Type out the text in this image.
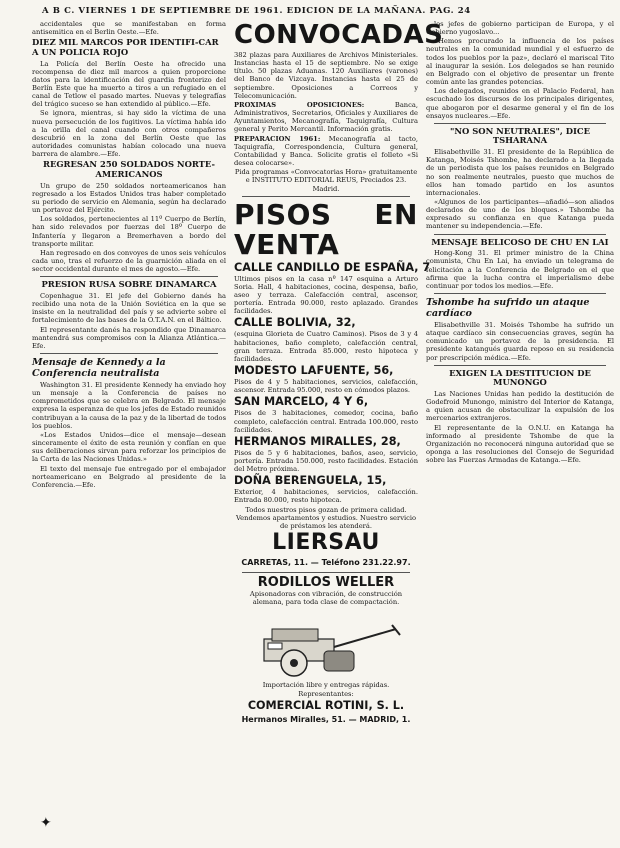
A B C. VIERNES 1 DE SEPTIEMBRE DE 1961. EDICION DE LA MAÑANA. PAG. 24

accidentales que se manifestaban en forma antisemitica en el Berlin Oeste.—Efe.

DIEZ MIL MARCOS POR IDENTIFI-CAR A UN POLICIA ROJO

La Policía del Berlín Oeste ha ofrecido una recompensa de diez mil marcos a quien proporcione datos para la identificación del guardia fronterizo del Berlín Este que ha muerto a tiros a un refugiado en el canal de Tetlow el pasado martes. Nuevas y telegrafías del trágico suceso se han extendido al público.—Efe.

Se ignora, mientras, si hay sido la víctima de una nueva persecución de los fugitivos. La víctima había ido a la orilla del canal cuando con otros compañeros descubrió en la zona del Berlín Oeste que las autoridades comunistas habían colocado una nueva barrera de alambre.—Efe.

REGRESAN 250 SOLDADOS NORTE-AMERICANOS

Un grupo de 250 soldados norteamericanos han regresado a los Estados Unidos tras haber completado su periodo de servicio en Alemania, según ha declarado un portavoz del Ejército.

Los soldados, pertenecientes al 11º Cuerpo de Berlín, han sido relevados por fuerzas del 18º Cuerpo de Infantería y llegaron a Bremerhaven a bordo del transporte militar.

Han regresado en dos convoyes de unos seis vehículos cada uno, tras el refuerzo de la guarnición aliada en el sector occidental durante el mes de agosto.—Efe.

PRESION RUSA SOBRE DINAMARCA

Copenhague 31. El jefe del Gobierno danés ha recibido una nota de la Unión Soviética en la que se insiste en la neutralidad del país y se advierte sobre el fortalecimiento de las bases de la O.T.A.N. en el Báltico.

El representante danés ha respondido que Dinamarca mantendrá sus compromisos con la Alianza Atlántica.—Efe.

Mensaje de Kennedy a la Conferencia neutralista

Washington 31. El presidente Kennedy ha enviado hoy un mensaje a la Conferencia de países no comprometidos que se celebra en Belgrado. El mensaje expresa la esperanza de que los jefes de Estado reunidos contribuyan a la causa de la paz y de la libertad de todos los pueblos.

«Los Estados Unidos—dice el mensaje—desean sinceramente el éxito de esta reunión y confían en que sus deliberaciones sirvan para reforzar los principios de la Carta de las Naciones Unidas.»

El texto del mensaje fue entregado por el embajador norteamericano en Belgrado al presidente de la Conferencia.—Efe.

CONVOCADAS

382 plazas para Auxiliares de Archivos Ministeriales. Instancias hasta el 15 de septiembre. No se exige título. 50 plazas Aduanas. 120 Auxiliares (varones) del Banco de Vizcaya. Instancias hasta el 25 de septiembre. Oposiciones a Correos y Telecomunicación.

PROXIMAS OPOSICIONES:	Banca, Administrativos, Secretarios, Oficiales y Auxiliares de Ayuntamientos, Mecanografía, Taquigrafía, Cultura general y Perito Mercantil. Información gratis.

PREPARACION 1961: Mecanografía al tacto, Taquigrafía, Correspondencia, Cultura general, Contabilidad y Banca. Solicite gratis el folleto «Si desea colocarse».

Pida programas «Convocatorias Hora» gratuitamente e INSTITUTO EDITORIAL REUS, Preciados 23. Madrid.

PISOS EN VENTA
CALLE CANDILLO DE ESPAÑA, 7

Ultimos pisos en la casa nº 147 esquina a Arturo Soria. Hall, 4 habitaciones, cocina, despensa, baño, aseo y terraza. Calefacción central, ascensor, portería. Entrada 90.000, resto aplazado. Grandes facilidades.

CALLE BOLIVIA, 32,

(esquina Glorieta de Cuatro Caminos). Pisos de 3 y 4 habitaciones, baño completo, calefacción central, gran terraza. Entrada 85.000, resto hipoteca y facilidades.

MODESTO LAFUENTE, 56,

Pisos de 4 y 5 habitaciones, servicios, calefacción, ascensor. Entrada 95.000, resto en cómodos plazos.

SAN MARCELO, 4 Y 6,

Pisos de 3 habitaciones, comedor, cocina, baño completo, calefacción central. Entrada 100.000, resto facilidades.

HERMANOS MIRALLES, 28,

Pisos de 5 y 6 habitaciones, baños, aseo, servicio, portería. Entrada 150.000, resto facilidades. Estación del Metro próxima.

DOÑA BERENGUELA, 15,

Exterior, 4 habitaciones, servicios, calefacción. Entrada 80.000, resto hipoteca.

Todos nuestros pisos gozan de primera calidad. Vendemos apartamentos y estudios. Nuestro servicio de préstamos les atenderá.

LIERSAU
CARRETAS, 11. — Teléfono 231.22.97.
RODILLOS WELLER

Apisonadoras con vibración, de construcción alemana, para toda clase de compactación.

Importación libre y entregas rápidas. Representantes:

COMERCIAL ROTINI, S. L.
Hermanos Miralles, 51. — MADRID, 1.

los jefes de gobierno participan de Europa, y el Gobierno yugoslavo...

«Hemos procurado la influencia de los países neutrales en la comunidad mundial y el esfuerzo de todos los pueblos por la paz», declaró el mariscal Tito al inaugurar la sesión. Los delegados se han reunido en Belgrado con el objetivo de presentar un frente común ante las grandes potencias.

Los delegados, reunidos en el Palacio Federal, han escuchado los discursos de los principales dirigentes, que abogaron por el desarme general y el fin de los ensayos nucleares.—Efe.

"NO SON NEUTRALES", DICE TSHARANA

Elisabethville 31. El presidente de la República de Katanga, Moisés Tshombe, ha declarado a la llegada de un periodista que los países reunidos en Belgrado no son realmente neutrales, puesto que muchos de ellos han tomado partido en los asuntos internacionales.

«Algunos de los participantes—añadió—son aliados declarados de uno de los bloques.» Tshombe ha expresado su confianza en que Katanga pueda mantener su independencia.—Efe.

MENSAJE BELICOSO DE CHU EN LAI

Hong-Kong 31. El primer ministro de la China comunista, Chu En Lai, ha enviado un telegrama de felicitación a la Conferencia de Belgrado en el que afirma que la lucha contra el imperialismo debe continuar por todos los medios.—Efe.

Tshombe ha sufrido un ataque cardíaco

Elisabethville 31. Moisés Tshombe ha sufrido un ataque cardíaco sin consecuencias graves, según ha comunicado un portavoz de la presidencia. El presidente katangués guarda reposo en su residencia por prescripción médica.—Efe.

EXIGEN LA DESTITUCION DE MUNONGO

Las Naciones Unidas han pedido la destitución de Godefroid Munongo, ministro del Interior de Katanga, a quien acusan de obstaculizar la expulsión de los mercenarios extranjeros.

El representante de la O.N.U. en Katanga ha informado al presidente Tshombe de que la Organización no reconocerá ninguna autoridad que se oponga a las resoluciones del Consejo de Seguridad sobre las Fuerzas Armadas de Katanga.—Efe.

✦
